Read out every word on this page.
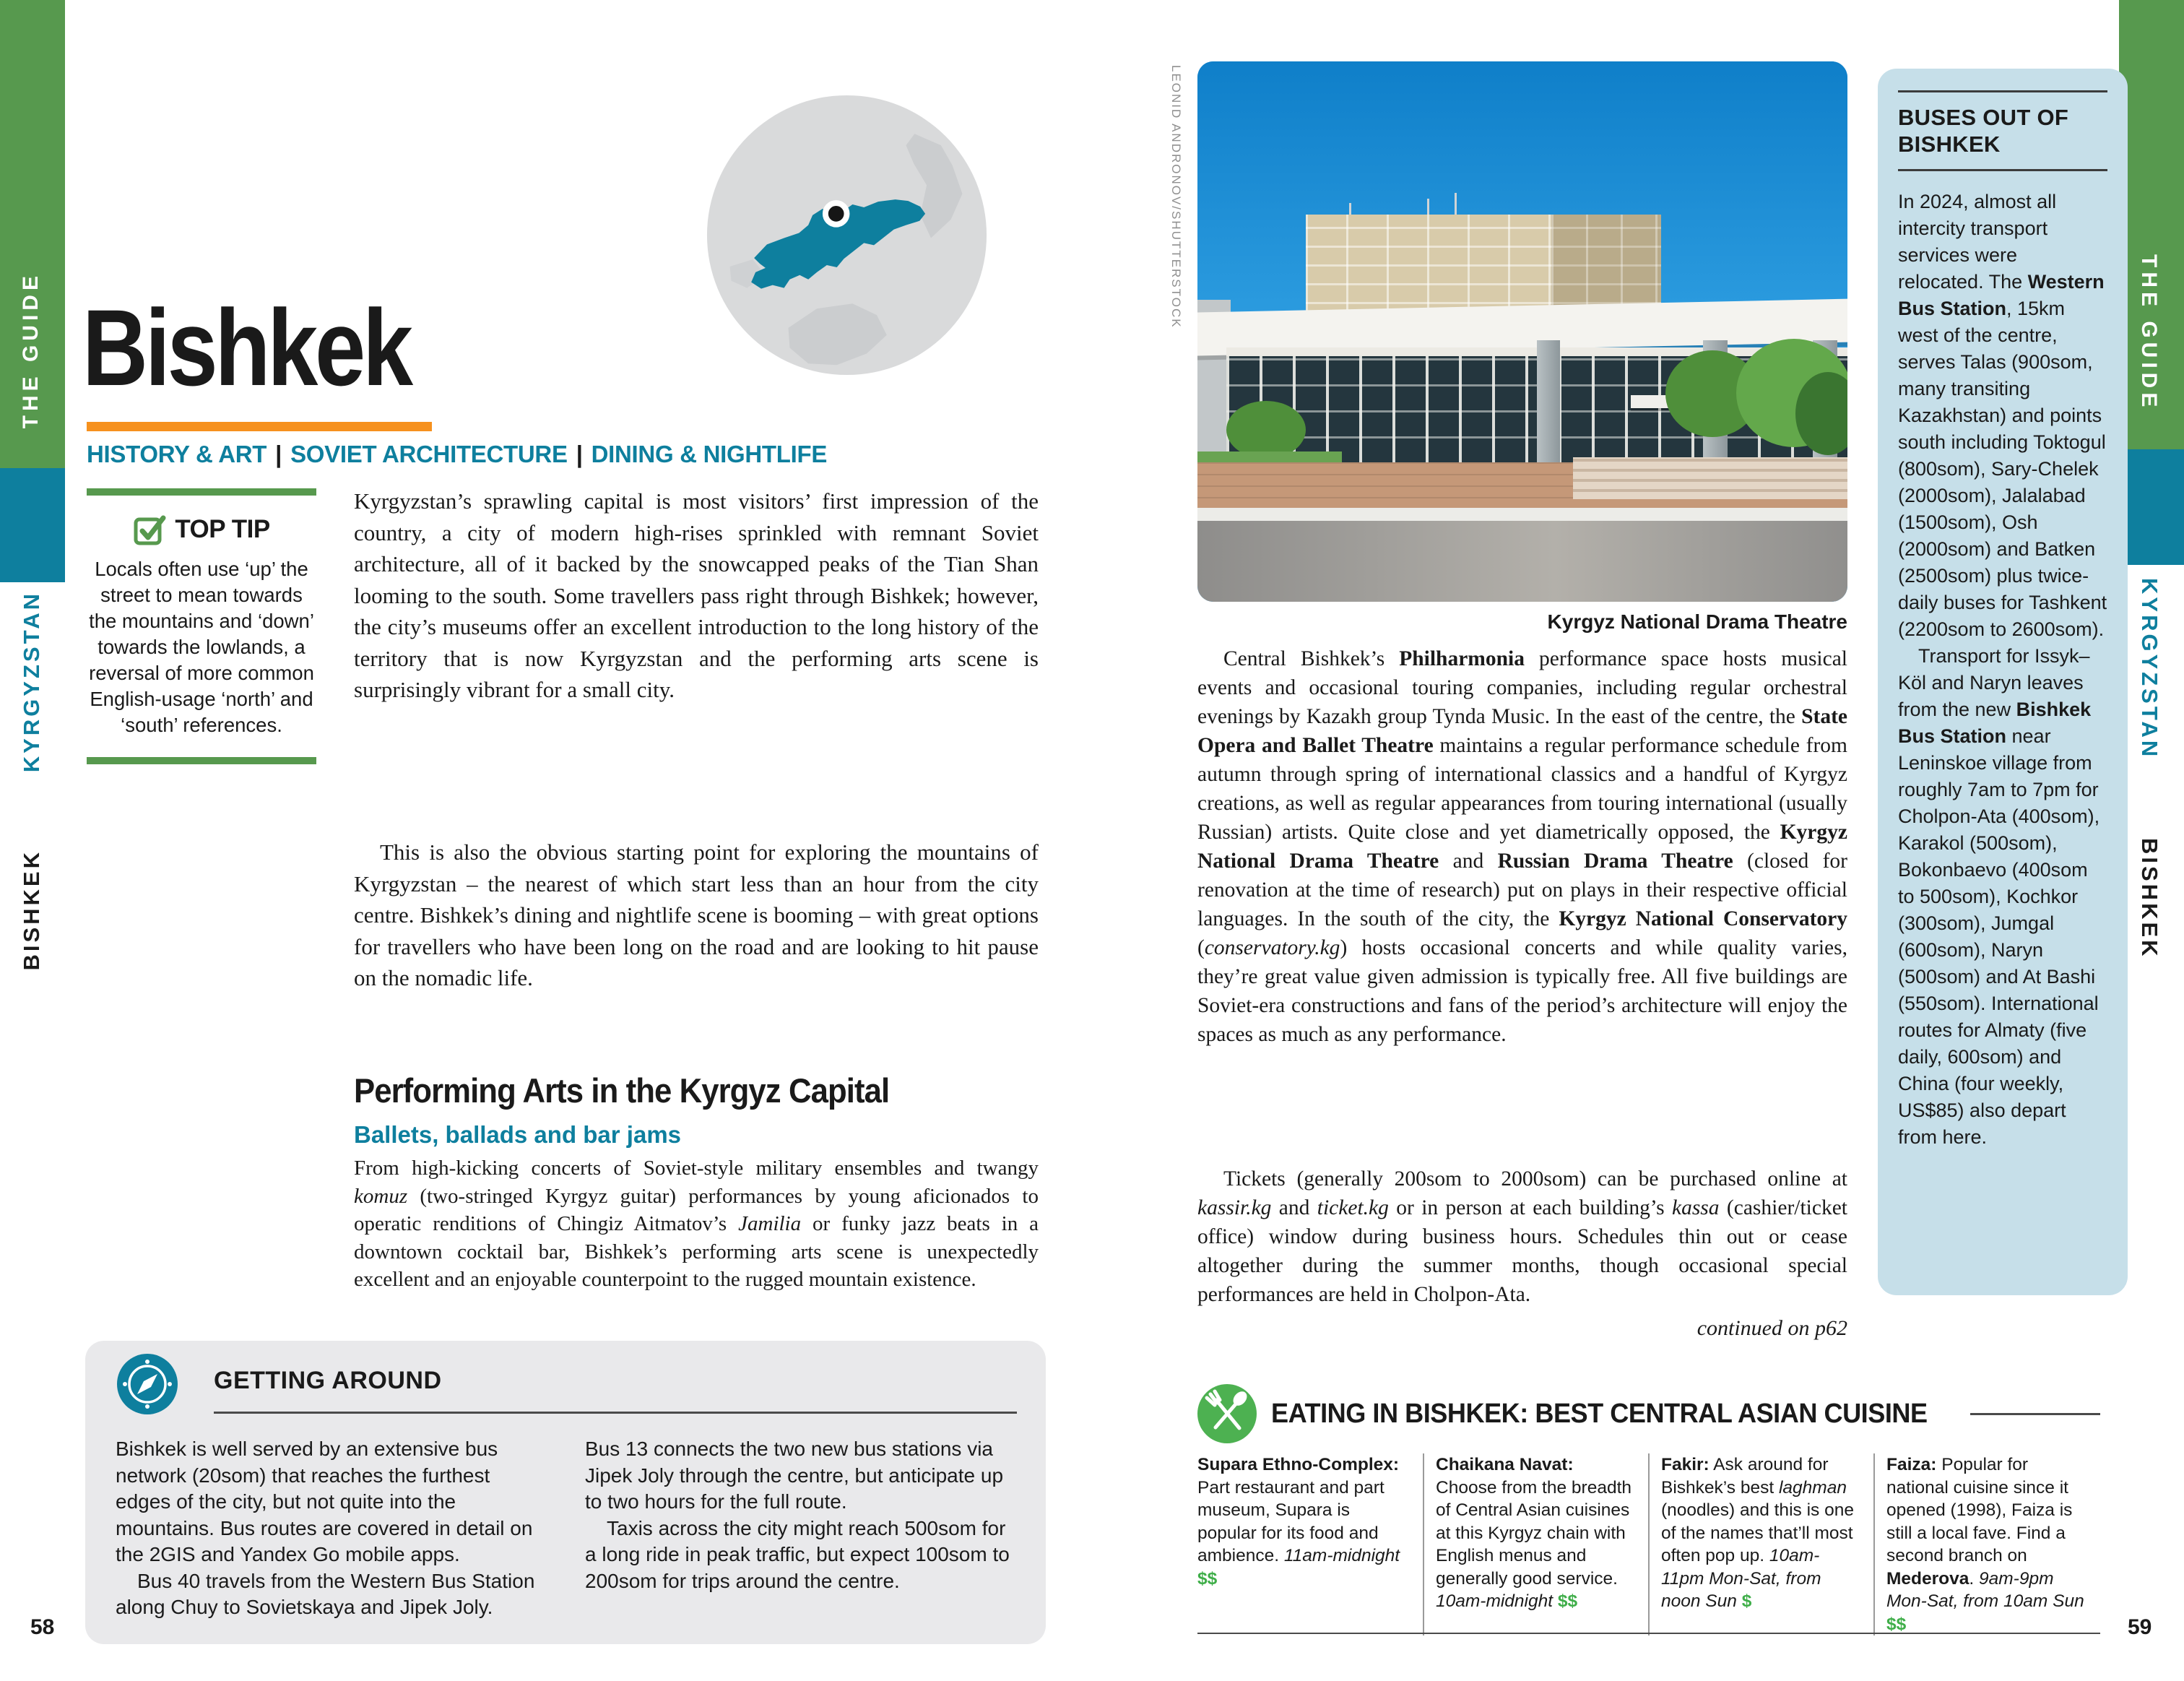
THE GUIDE
KYRGYZSTAN
BISHKEK
THE GUIDE
KYRGYZSTAN
BISHKEK
Bishkek
HISTORY & ART | SOVIET ARCHITECTURE | DINING & NIGHTLIFE
TOP TIP
Locals often use ‘up’ the street to mean towards the mountains and ‘down’ towards the lowlands, a reversal of more common English-usage ‘north’ and ‘south’ references.
Kyrgyzstan’s sprawling capital is most visitors’ first impression of the country, a city of modern high-rises sprinkled with remnant Soviet architecture, all of it backed by the snowcapped peaks of the Tian Shan looming to the south. Some travellers pass right through Bishkek; however, the city’s museums offer an excellent introduction to the long history of the territory that is now Kyrgyzstan and the performing arts scene is surprisingly vibrant for a small city.
This is also the obvious starting point for exploring the mountains of Kyrgyzstan – the nearest of which start less than an hour from the city centre. Bishkek’s dining and nightlife scene is booming – with great options for travellers who have been long on the road and are looking to hit pause on the nomadic life.
Performing Arts in the Kyrgyz Capital
Ballets, ballads and bar jams
From high-kicking concerts of Soviet-style military ensembles and twangy komuz (two-stringed Kyrgyz guitar) performances by young aficionados to operatic renditions of Chingiz Aitmatov’s Jamilia or funky jazz beats in a downtown cocktail bar, Bishkek’s performing arts scene is unexpectedly excellent and an enjoyable counterpoint to the rugged mountain existence.
GETTING AROUND

Bishkek is well served by an extensive bus network (20som) that reaches the furthest edges of the city, but not quite into the mountains. Bus routes are covered in detail on the 2GIS and Yandex Go mobile apps.

Bus 40 travels from the Western Bus Station along Chuy to Sovietskaya and Jipek Joly.

Bus 13 connects the two new bus stations via Jipek Joly through the centre, but anticipate up to two hours for the full route.

Taxis across the city might reach 500som for a long ride in peak traffic, but expect 100som to 200som for trips around the centre.

58
LEONID ANDRONOV/SHUTTERSTOCK
Kyrgyz National Drama Theatre
Central Bishkek’s Philharmonia performance space hosts musical events and occasional touring companies, including regular orchestral evenings by Kazakh group Tynda Music. In the east of the centre, the State Opera and Ballet Theatre maintains a regular performance schedule from autumn through spring of international classics and a handful of Kyrgyz creations, as well as regular appearances from touring international (usually Russian) artists. Quite close and yet diametrically opposed, the Kyrgyz National Drama Theatre and Russian Drama Theatre (closed for renovation at the time of research) put on plays in their respective official languages. In the south of the city, the Kyrgyz National Conservatory (conservatory.kg) hosts occasional concerts and while quality varies, they’re great value given admission is typically free. All five buildings are Soviet-era constructions and fans of the period’s architecture will enjoy the spaces as much as any performance.
Tickets (generally 200som to 2000som) can be purchased online at kassir.kg and ticket.kg or in person at each building’s kassa (cashier/ticket office) window during business hours. Schedules thin out or cease altogether during the summer months, though occasional special performances are held in Cholpon-Ata.
continued on p62
BUSES OUT OF BISHKEK

In 2024, almost all intercity transport services were relocated. The Western Bus Station, 15km west of the centre, serves Talas (900som, many transiting Kazakhstan) and points south including Toktogul (800som), Sary-Chelek (2000som), Jalalabad (1500som), Osh (2000som) and Batken (2500som) plus twice-daily buses for Tashkent (2200som to 2600som).

Transport for Issyk–Köl and Naryn leaves from the new Bishkek Bus Station near Leninskoe village from roughly 7am to 7pm for Cholpon-Ata (400som), Karakol (500som), Bokonbaevo (400som to 500som), Kochkor (300som), Jumgal (600som), Naryn (500som) and At Bashi (550som). International routes for Almaty (five daily, 600som) and China (four weekly, US$85) also depart from here.

EATING IN BISHKEK: BEST CENTRAL ASIAN CUISINE
Supara Ethno-Complex: Part restaurant and part museum, Supara is popular for its food and ambience. 11am-midnight $$
Chaikana Navat: Choose from the breadth of Central Asian cuisines at this Kyrgyz chain with English menus and generally good service. 10am-midnight $$
Fakir: Ask around for Bishkek’s best laghman (noodles) and this is one of the names that’ll most often pop up. 10am-11pm Mon-Sat, from noon Sun $
Faiza: Popular for national cuisine since it opened (1998), Faiza is still a local fave. Find a second branch on Mederova. 9am-9pm Mon-Sat, from 10am Sun $$	59
